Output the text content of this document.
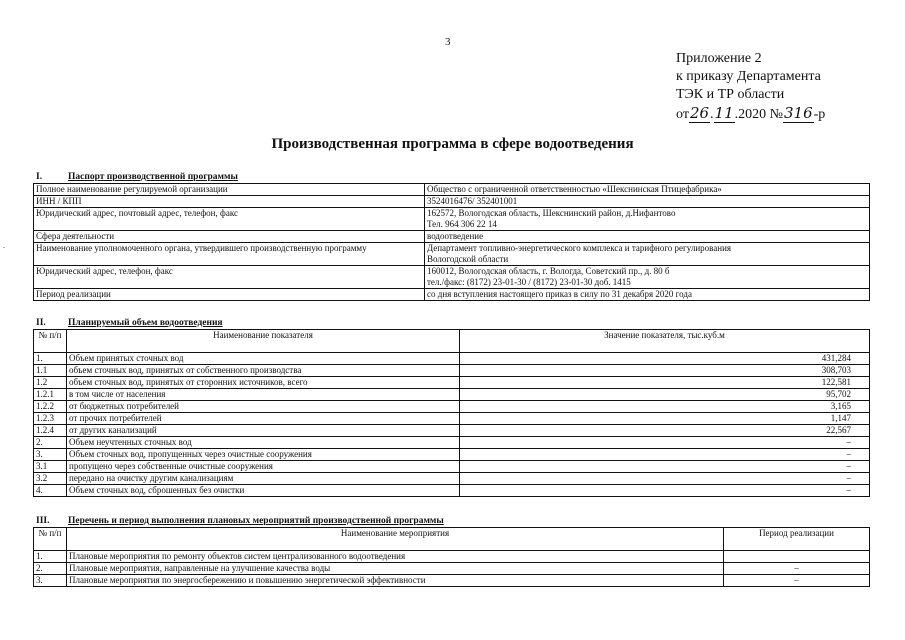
3
.
Приложение 2
к приказу Департамента
ТЭК и ТР области
от26.11.2020 №316-р
Производственная программа в сфере водоотведения
I.	Паспорт производственной программы
Полное наименование регулируемой организации	Общество с ограниченной ответственностью «Шекснинская Птицефабрика»
ИНН / КПП	3524016476/ 352401001
Юридический адрес, почтовый адрес, телефон, факс	162572, Вологодская область, Шекснинский район, д.Нифантово
Тел. 964 306 22 14

Сфера деятельности	водоотведение
Наименование уполномоченного органа, утвердившего производственную программу	Департамент топливно-энергетического комплекса и тарифного регулирования
Вологодской области

Юридический адрес, телефон, факс	160012, Вологодская область, г. Вологда, Советский пр., д. 80 б
тел./факс: (8172) 23-01-30 / (8172) 23-01-30 доб. 1415

Период реализации	со дня вступления настоящего приказ в силу по 31 декабря 2020 года
II. Планируемый объем водоотведения
№ п/п	Наименование показателя	Значение показателя, тыс.куб.м
1.	Объем принятых сточных вод	431,284
1.1	объем сточных вод, принятых от собственного производства	308,703
1.2	объем сточных вод, принятых от сторонних источников, всего	122,581
1.2.1	в том числе от населения	95,702
1.2.2	от бюджетных потребителей	3,165
1.2.3	от прочих потребителей	1,147
1.2.4	от других канализаций	22,567
2.	Объем неучтенных сточных вод	–
3.	Объем сточных вод, пропущенных через очистные сооружения	–
3.1	пропущено через собственные очистные сооружения	–
3.2	передано на очистку другим канализациям	–
4.	Объем сточных вод, сброшенных без очистки	–
III. Перечень и период выполнения плановых мероприятий производственной программы
№ п/п	Наименование мероприятия	Период реализации
1.	Плановые мероприятия по ремонту объектов систем централизованного водоотведения	
2.	Плановые мероприятия, направленные на улучшение качества воды	–
3.	Плановые мероприятия по энергосбережению и повышению энергетической эффективности	–
